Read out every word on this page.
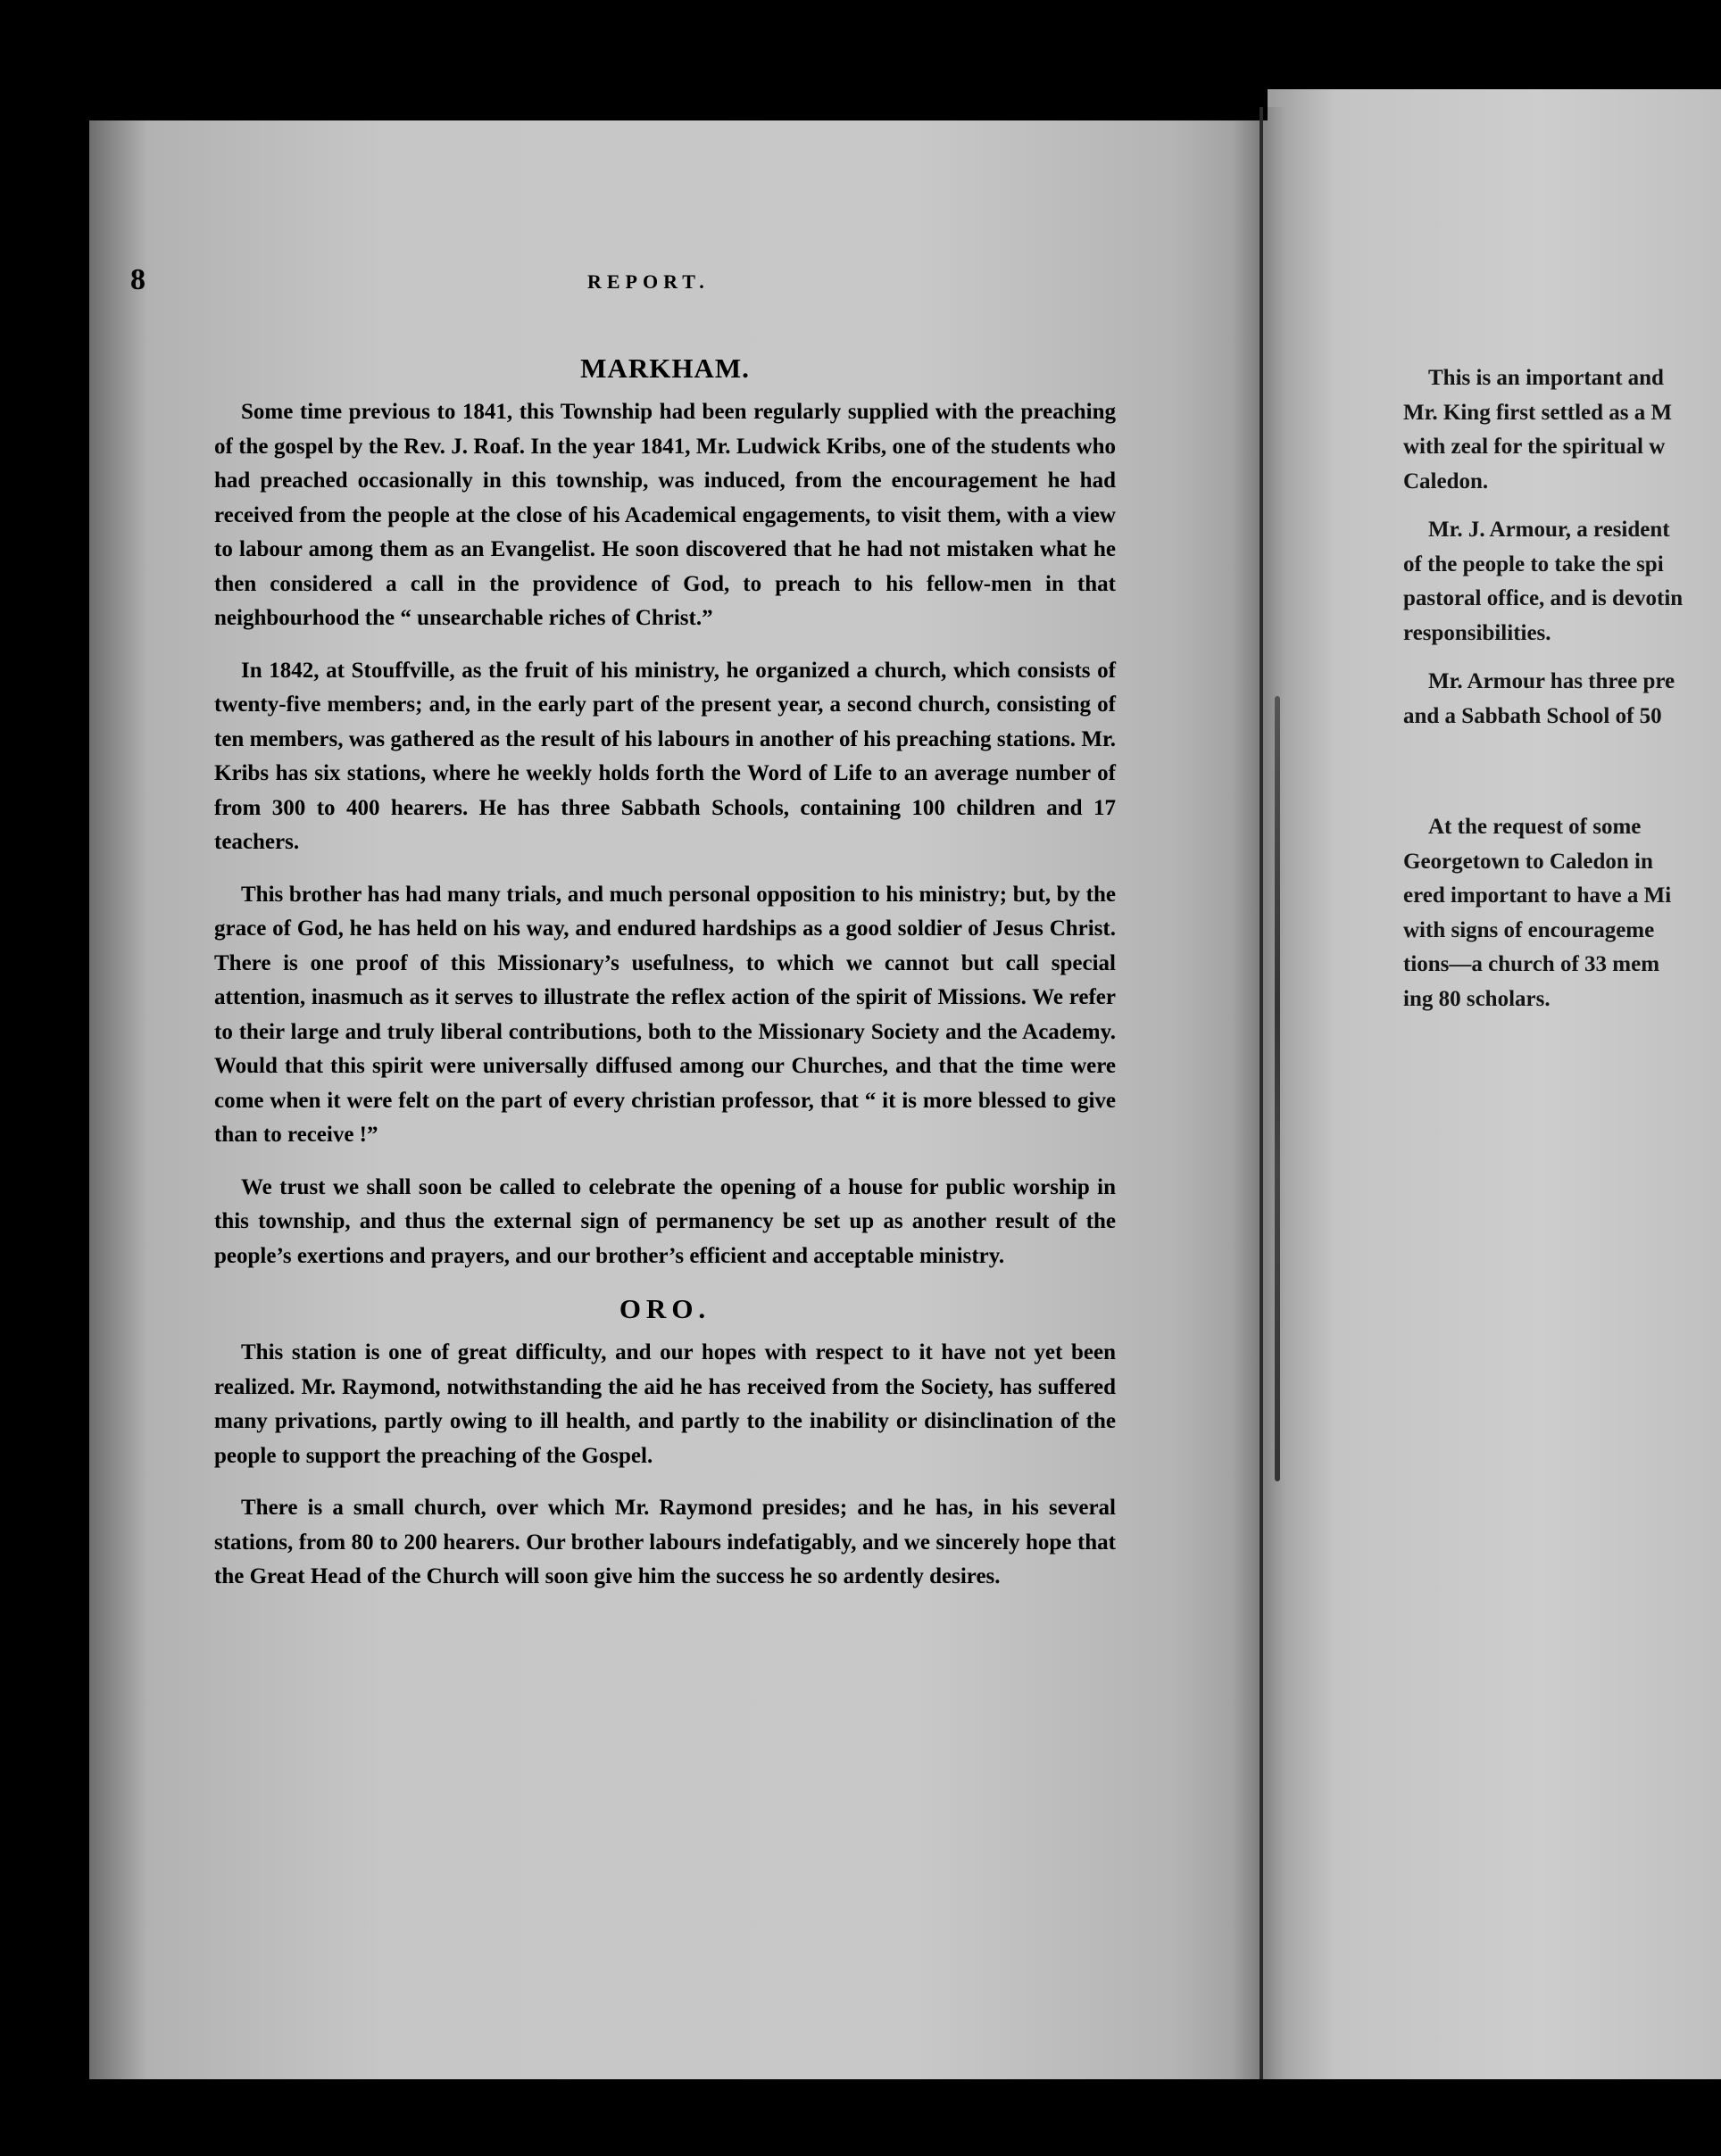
This is an important and

Mr. King first settled as a M

with zeal for the spiritual w

Caledon.

Mr. J. Armour, a resident

of the people to take the spi

pastoral office, and is devotin

responsibilities.

Mr. Armour has three pre

and a Sabbath School of 50

At the request of some

Georgetown to Caledon in

ered important to have a Mi

with signs of encourageme

tions—a church of 33 mem

ing 80 scholars.

8	REPORT.
MARKHAM.

Some time previous to 1841, this Township had been regularly supplied with the preaching of the gospel by the Rev. J. Roaf. In the year 1841, Mr. Ludwick Kribs, one of the students who had preached occasionally in this township, was induced, from the encouragement he had received from the people at the close of his Academical engagements, to visit them, with a view to labour among them as an Evangelist. He soon discovered that he had not mistaken what he then considered a call in the providence of God, to preach to his fellow-men in that neighbourhood the “ unsearchable riches of Christ.”

In 1842, at Stouffville, as the fruit of his ministry, he organized a church, which consists of twenty-five members; and, in the early part of the present year, a second church, consisting of ten members, was gathered as the result of his labours in another of his preaching stations. Mr. Kribs has six stations, where he weekly holds forth the Word of Life to an average number of from 300 to 400 hearers. He has three Sabbath Schools, containing 100 children and 17 teachers.

This brother has had many trials, and much personal opposition to his ministry; but, by the grace of God, he has held on his way, and endured hardships as a good soldier of Jesus Christ. There is one proof of this Missionary’s usefulness, to which we cannot but call special attention, inasmuch as it serves to illustrate the reflex action of the spirit of Missions. We refer to their large and truly liberal contributions, both to the Missionary Society and the Academy. Would that this spirit were universally diffused among our Churches, and that the time were come when it were felt on the part of every christian professor, that “ it is more blessed to give than to receive !”

We trust we shall soon be called to celebrate the opening of a house for public worship in this township, and thus the external sign of permanency be set up as another result of the people’s exertions and prayers, and our brother’s efficient and acceptable ministry.

ORO.

This station is one of great difficulty, and our hopes with respect to it have not yet been realized. Mr. Raymond, notwithstanding the aid he has received from the Society, has suffered many privations, partly owing to ill health, and partly to the inability or disinclination of the people to support the preaching of the Gospel.

There is a small church, over which Mr. Raymond presides; and he has, in his several stations, from 80 to 200 hearers. Our brother labours indefatigably, and we sincerely hope that the Great Head of the Church will soon give him the success he so ardently desires.
